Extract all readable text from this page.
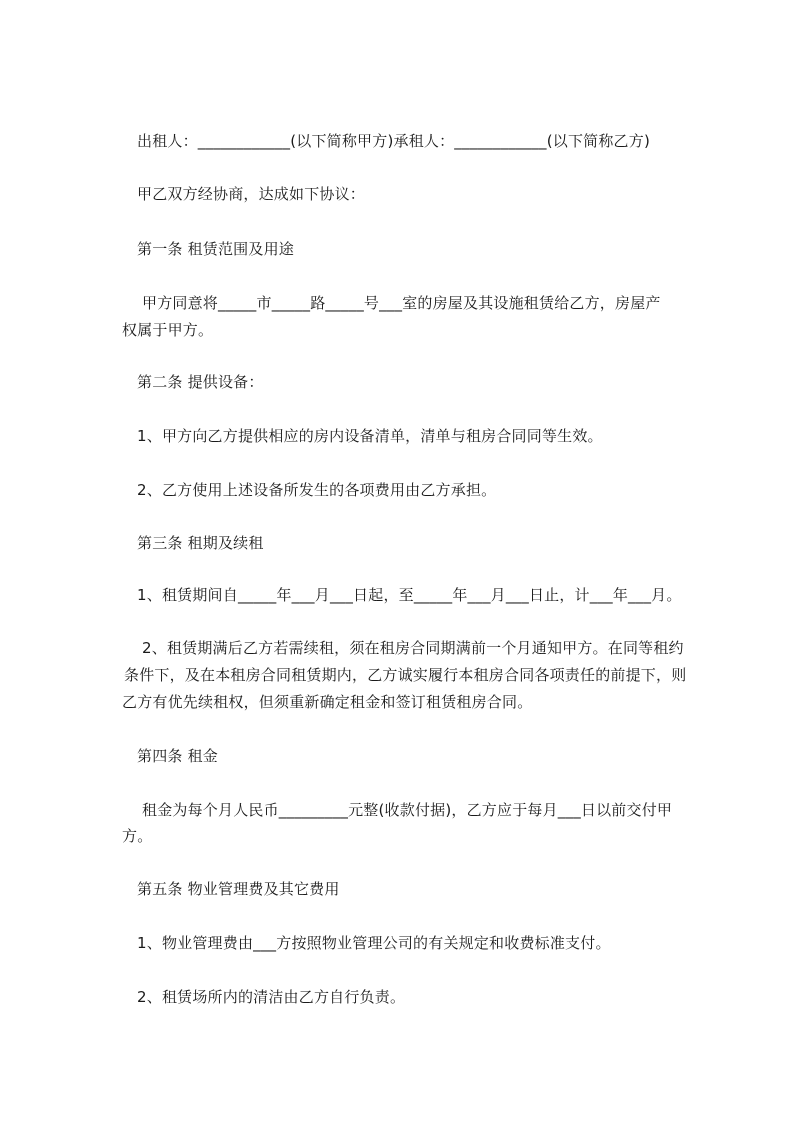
出租人：____________(以下简称甲方)承租人：____________(以下简称乙方)
甲乙双方经协商，达成如下协议：
第一条 租赁范围及用途
甲方同意将_____市_____路_____号___室的房屋及其设施租赁给乙方，房屋产
权属于甲方。
第二条 提供设备：
1、甲方向乙方提供相应的房内设备清单，清单与租房合同同等生效。
2、乙方使用上述设备所发生的各项费用由乙方承担。
第三条 租期及续租
1、租赁期间自_____年___月___日起，至_____年___月___日止，计___年___月。
2、租赁期满后乙方若需续租，须在租房合同期满前一个月通知甲方。在同等租约
条件下，及在本租房合同租赁期内，乙方诚实履行本租房合同各项责任的前提下，则
乙方有优先续租权，但须重新确定租金和签订租赁租房合同。
第四条 租金
租金为每个月人民币_________元整(收款付据)，乙方应于每月___日以前交付甲
方。
第五条 物业管理费及其它费用
1、物业管理费由___方按照物业管理公司的有关规定和收费标准支付。
2、租赁场所内的清洁由乙方自行负责。
